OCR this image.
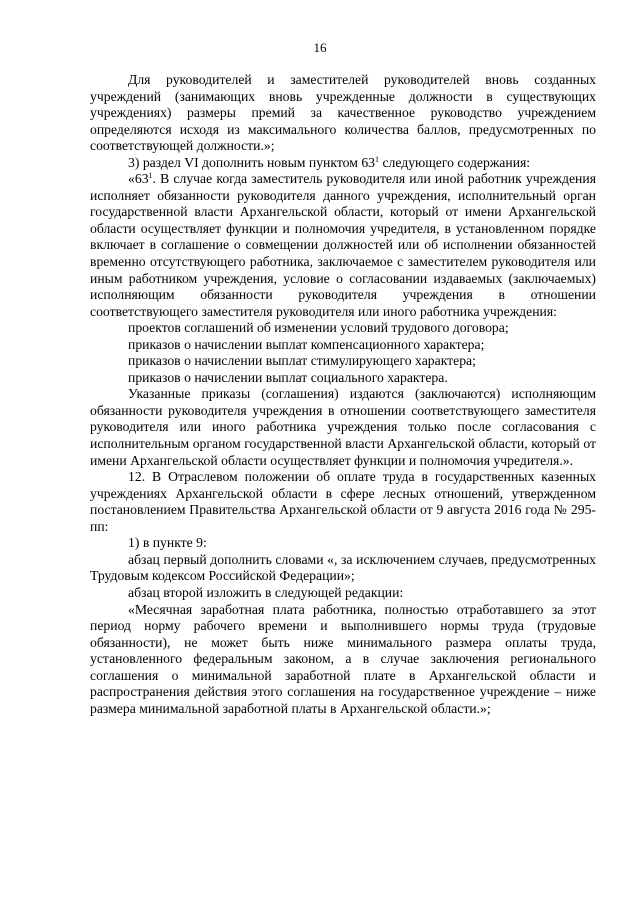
16

Для руководителей и заместителей руководителей вновь созданных учреждений (занимающих вновь учрежденные должности в существующих учреждениях) размеры премий за качественное руководство учреждением определяются исходя из максимального количества баллов, предусмотренных по соответствующей должности.»;

3) раздел VI дополнить новым пунктом $63^1$ следующего содержания:

«$63^1$. В случае когда заместитель руководителя или иной работник учреждения исполняет обязанности руководителя данного учреждения, исполнительный орган государственной власти Архангельской области, который от имени Архангельской области осуществляет функции и полномочия учредителя, в установленном порядке включает в соглашение о совмещении должностей или об исполнении обязанностей временно отсутствующего работника, заключаемое с заместителем руководителя или иным работником учреждения, условие о согласовании издаваемых (заключаемых) исполняющим обязанности руководителя учреждения в отношении соответствующего заместителя руководителя или иного работника учреждения:

проектов соглашений об изменении условий трудового договора;

приказов о начислении выплат компенсационного характера;

приказов о начислении выплат стимулирующего характера;

приказов о начислении выплат социального характера.

Указанные приказы (соглашения) издаются (заключаются) исполняющим обязанности руководителя учреждения в отношении соответствующего заместителя руководителя или иного работника учреждения только после согласования с исполнительным органом государственной власти Архангельской области, который от имени Архангельской области осуществляет функции и полномочия учредителя.».

12. В Отраслевом положении об оплате труда в государственных казенных учреждениях Архангельской области в сфере лесных отношений, утвержденном постановлением Правительства Архангельской области от 9 августа 2016 года № 295-пп:

1) в пункте 9:

абзац первый дополнить словами «, за исключением случаев, предусмотренных Трудовым кодексом Российской Федерации»;

абзац второй изложить в следующей редакции:

«Месячная заработная плата работника, полностью отработавшего за этот период норму рабочего времени и выполнившего нормы труда (трудовые обязанности), не может быть ниже минимального размера оплаты труда, установленного федеральным законом, а в случае заключения регионального соглашения о минимальной заработной плате в Архангельской области и распространения действия этого соглашения на государственное учреждение – ниже размера минимальной заработной платы в Архангельской области.»;
